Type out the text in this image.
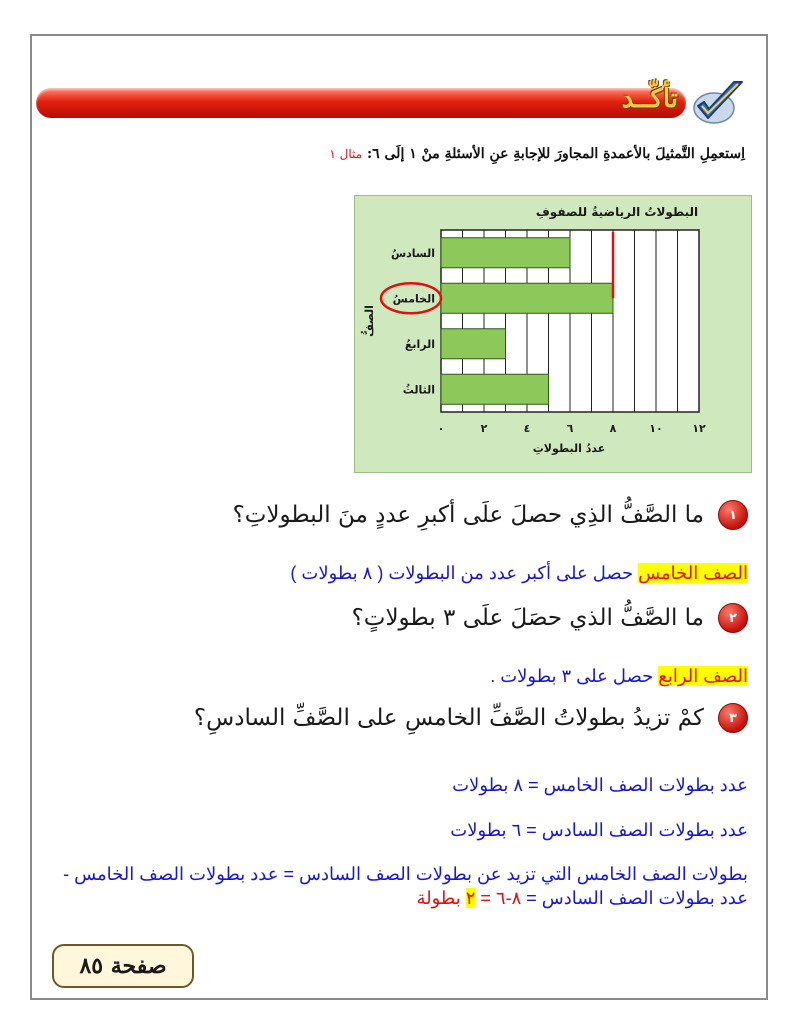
تأكّــد
اِستعمِلِ التَّمثيلَ بالأعمدةِ المجاورَ للإجابةِ عنِ الأسئلةِ منْ ١ إلَى ٦: مثال ١
البطولاتُ الرياضيةُ للصفوفِ
السادسُ
الخامسُ
الرابعُ
الثالثُ
٠	٢	٤	٦	٨	١٠	١٢
عددُ البطولاتِ
الصفُّ
١
ما الصَّفُّ الذِي حصلَ علَى أكبرِ عددٍ منَ البطولاتِ؟
الصف الخامس حصل على أكبر عدد من البطولات ( ٨ بطولات )
٢
ما الصَّفُّ الذي حصَلَ علَى ٣ بطولاتٍ؟
الصف الرابع حصل على ٣ بطولات .
٣
كمْ تزيدُ بطولاتُ الصَّفِّ الخامسِ على الصَّفِّ السادسِ؟
عدد بطولات الصف الخامس = ٨ بطولات
عدد بطولات الصف السادس = ٦ بطولات
بطولات الصف الخامس التي تزيد عن بطولات الصف السادس = عدد بطولات الصف الخامس - عدد بطولات الصف السادس = ٨-٦ = ٢ بطولة
صفحة ٨٥
